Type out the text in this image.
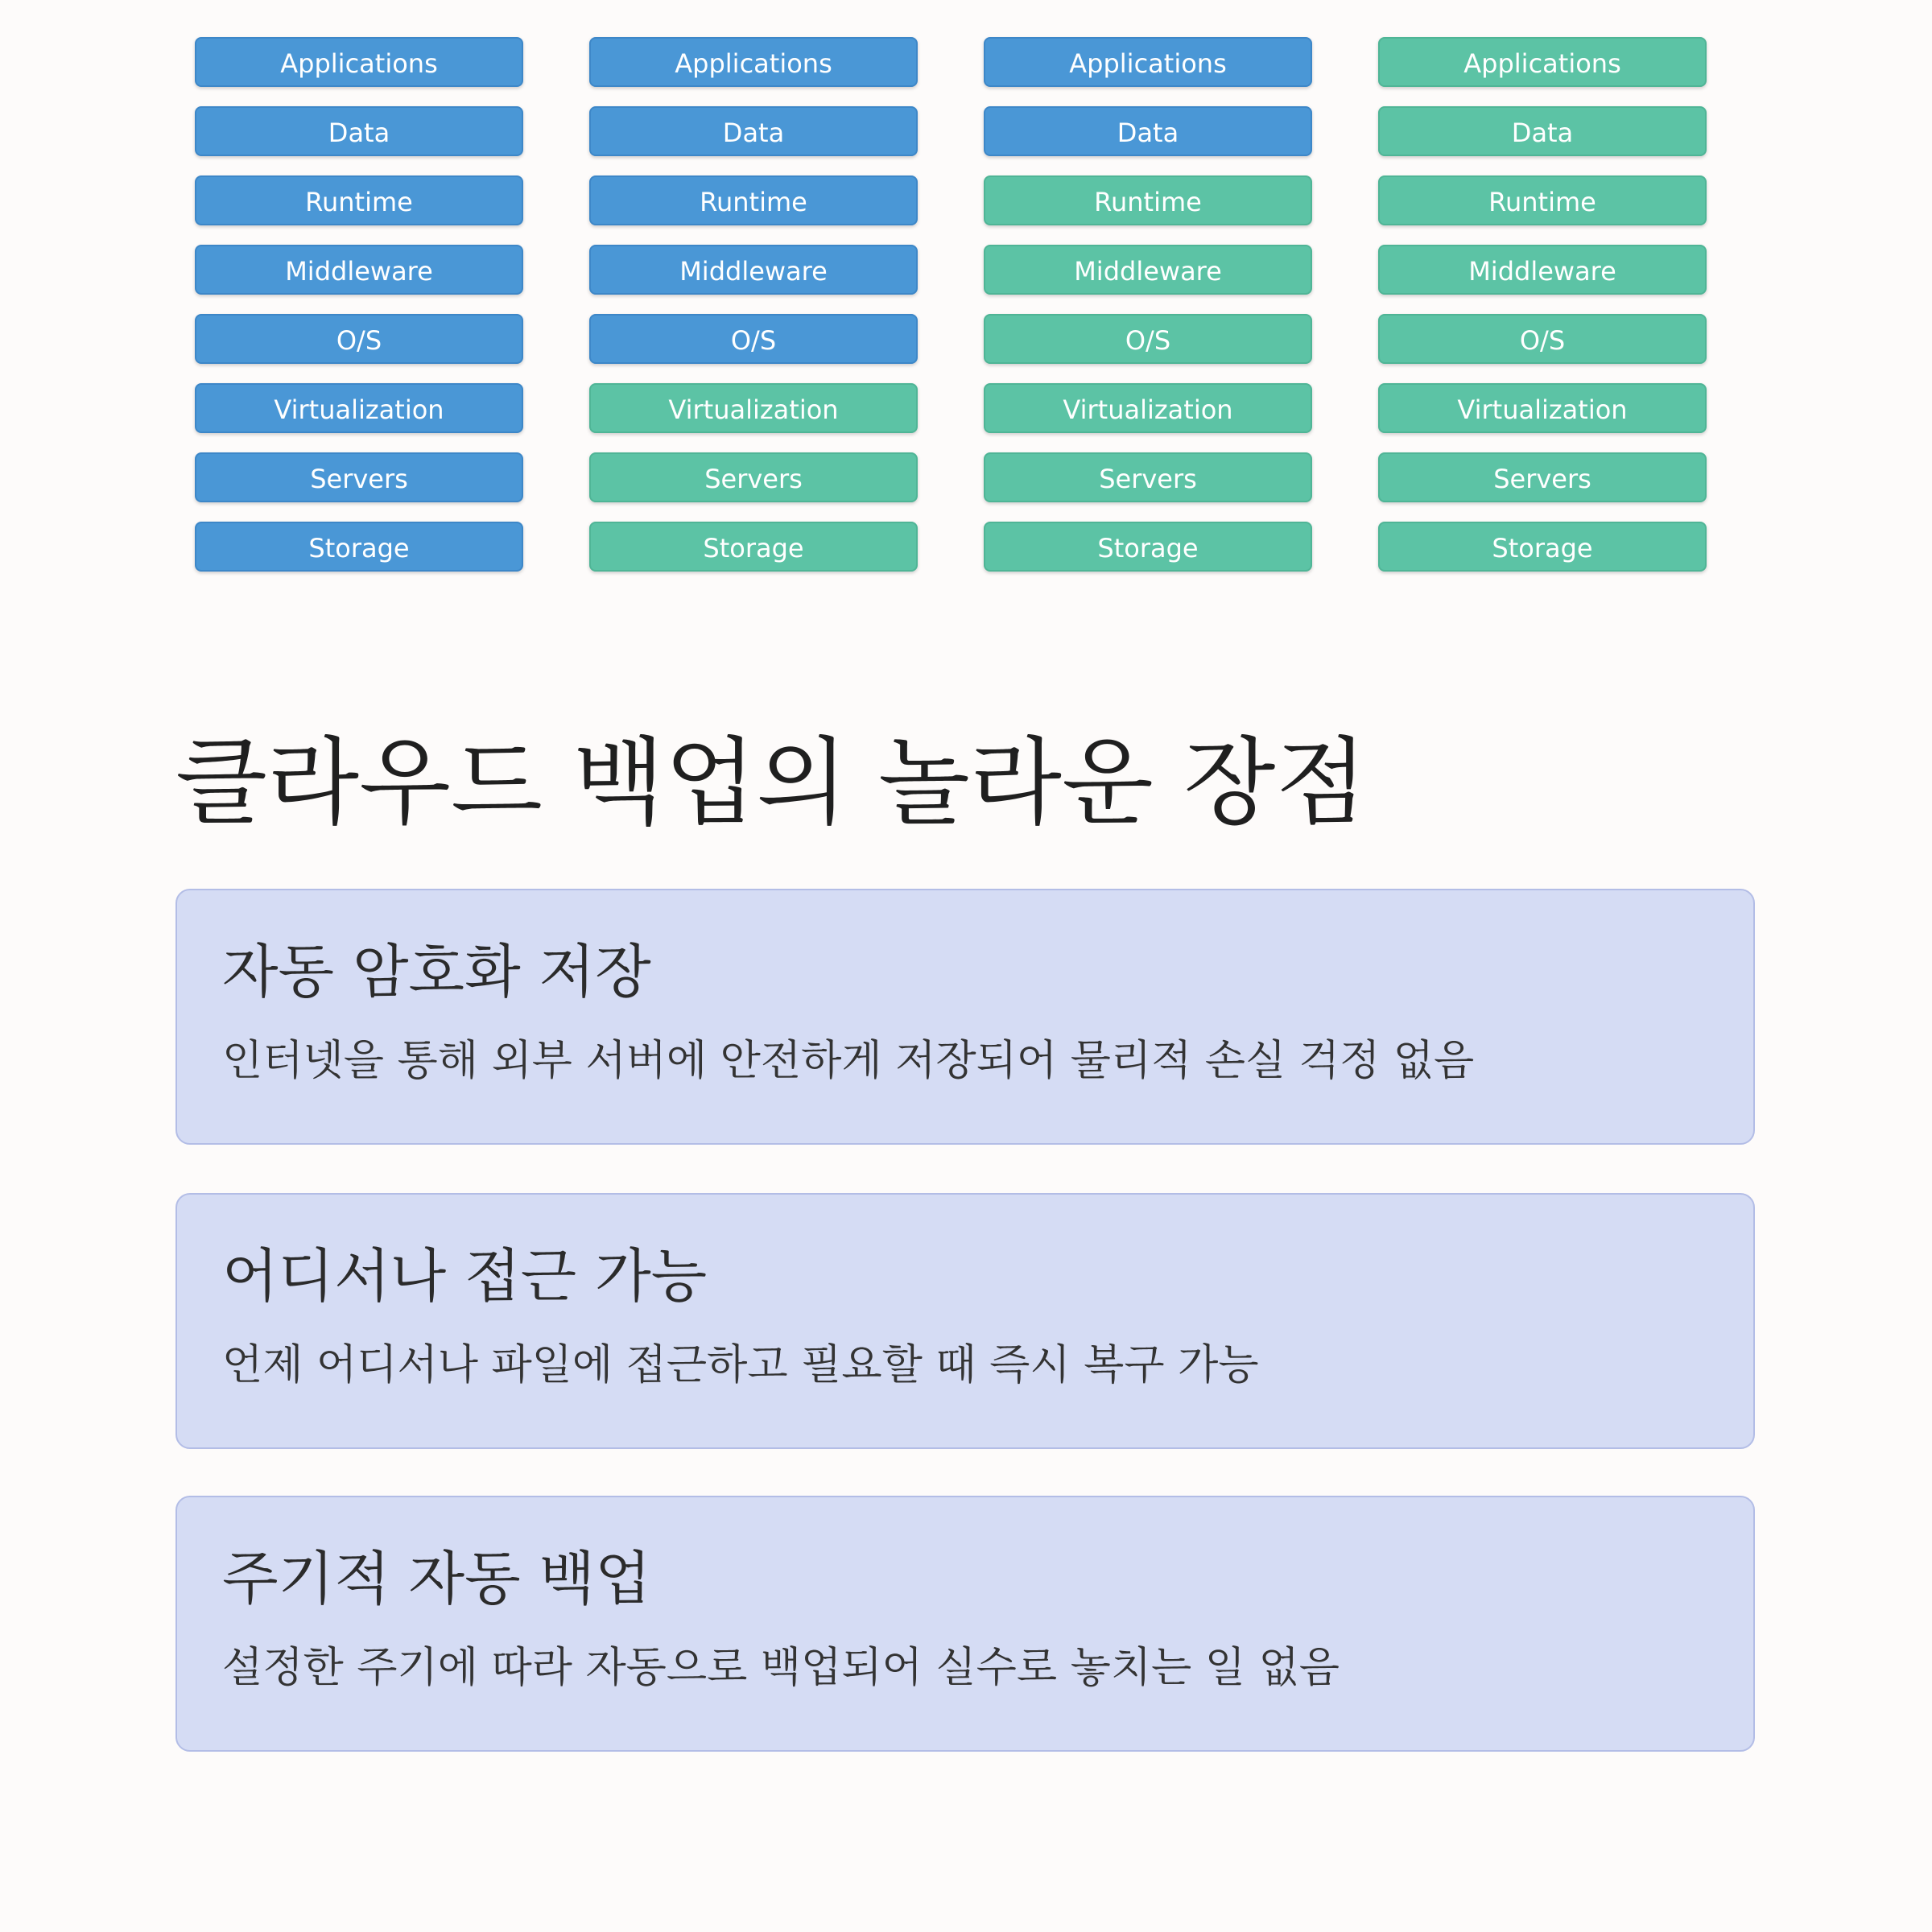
Applications
Data
Runtime
Middleware
O/S
Virtualization
Servers
Storage
Applications
Data
Runtime
Middleware
O/S
Virtualization
Servers
Storage
Applications
Data
Runtime
Middleware
O/S
Virtualization
Servers
Storage
Applications
Data
Runtime
Middleware
O/S
Virtualization
Servers
Storage
클라우드 백업의 놀라운 장점
자동 암호화 저장

인터넷을 통해 외부 서버에 안전하게 저장되어 물리적 손실 걱정 없음

어디서나 접근 가능

언제 어디서나 파일에 접근하고 필요할 때 즉시 복구 가능

주기적 자동 백업

설정한 주기에 따라 자동으로 백업되어 실수로 놓치는 일 없음
